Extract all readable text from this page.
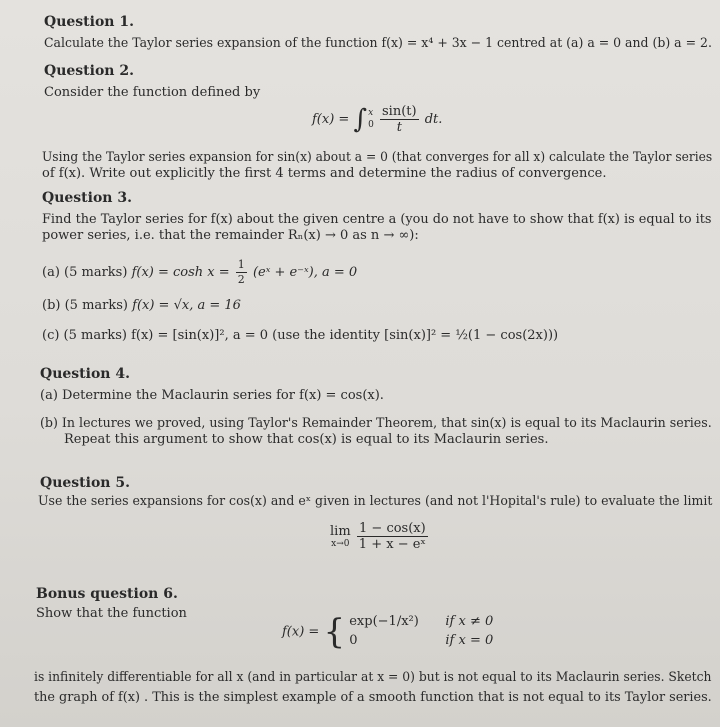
Question 1.
Calculate the Taylor series expansion of the function f(x) = x⁴ + 3x − 1 centred at (a) a = 0 and (b) a = 2.
Question 2.
Consider the function defined by
f(x) = ∫ x
0
$\frac{\sin(t)}{t}$ dt.
Using the Taylor series expansion for sin(x) about a = 0 (that converges for all x) calculate the Taylor series
of f(x). Write out explicitly the first 4 terms and determine the radius of convergence.
Question 3.
Find the Taylor series for f(x) about the given centre a (you do not have to show that f(x) is equal to its
power series, i.e. that the remainder Rₙ(x) → 0 as n → ∞):
(a) (5 marks) $f(x) = \cosh x = \frac{1}{2}$ (eˣ + e⁻ˣ), a = 0
(b) (5 marks) f(x) = √x, a = 16
(c) (5 marks) f(x) = [sin(x)]², a = 0 (use the identity [sin(x)]² = ½(1 − cos(2x)))
Question 4.
(a) Determine the Maclaurin series for f(x) = cos(x).
(b) In lectures we proved, using Taylor's Remainder Theorem, that sin(x) is equal to its Maclaurin series.
Repeat this argument to show that cos(x) is equal to its Maclaurin series.
Question 5.
Use the series expansions for cos(x) and eˣ given in lectures (and not l'Hopital's rule) to evaluate the limit
lim
x→0
$\frac{1 - \cos(x)}{\text{1 + x − eˣ}}$
Bonus question 6.
Show that the function
f(x) = { exp(−1/x²) if x ≠ 0
0	if x = 0
is infinitely differentiable for all x (and in particular at x = 0) but is not equal to its Maclaurin series. Sketch
the graph of f(x) . This is the simplest example of a smooth function that is not equal to its Taylor series.
